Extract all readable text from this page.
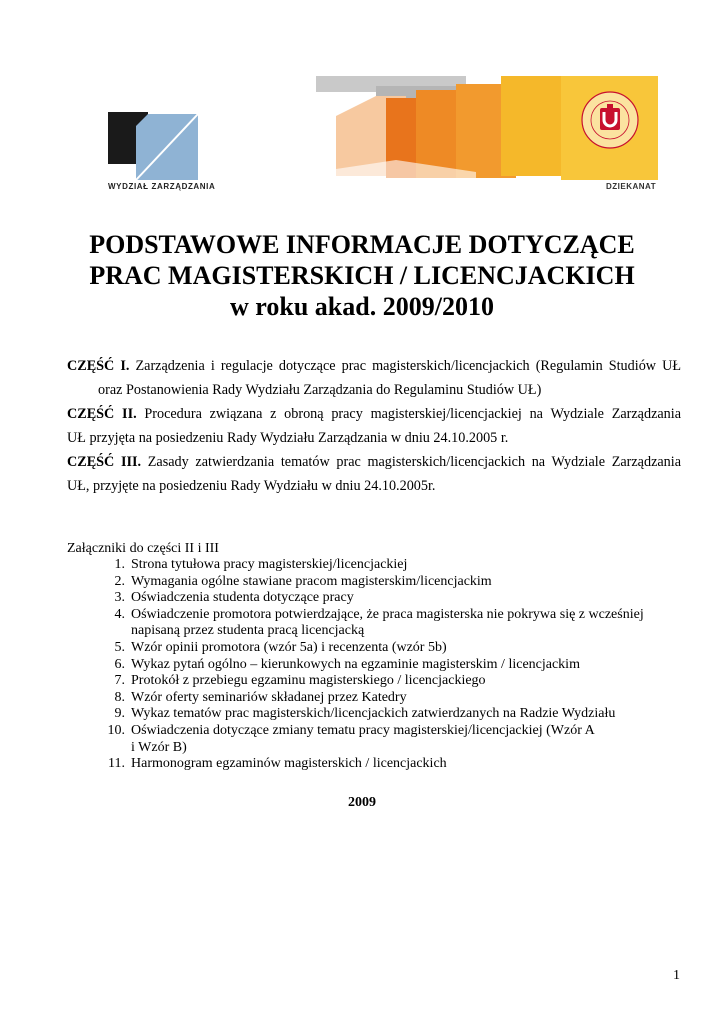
WYDZIAŁ ZARZĄDZANIA	DZIEKANAT
PODSTAWOWE INFORMACJE DOTYCZĄCE
PRAC MAGISTERSKICH / LICENCJACKICH
w roku akad. 2009/2010
CZĘŚĆ I. Zarządzenia i regulacje dotyczące prac magisterskich/licencjackich (Regulamin Studiów UŁ
oraz Postanowienia Rady Wydziału Zarządzania do Regulaminu Studiów UŁ)
CZĘŚĆ II. Procedura związana z obroną pracy magisterskiej/licencjackiej na Wydziale Zarządzania
UŁ przyjęta na posiedzeniu Rady Wydziału Zarządzania w dniu 24.10.2005 r.
CZĘŚĆ III. Zasady zatwierdzania tematów prac magisterskich/licencjackich na Wydziale Zarządzania
UŁ, przyjęte na posiedzeniu Rady Wydziału w dniu 24.10.2005r.
Załączniki do części II i III
1. Strona tytułowa pracy magisterskiej/licencjackiej
2. Wymagania ogólne stawiane pracom magisterskim/licencjackim
3. Oświadczenia studenta dotyczące pracy
4. Oświadczenie promotora potwierdzające, że praca magisterska nie pokrywa się z wcześniej
napisaną przez studenta pracą licencjacką
5. Wzór opinii promotora (wzór 5a) i recenzenta (wzór 5b)
6. Wykaz pytań ogólno – kierunkowych na egzaminie magisterskim / licencjackim
7. Protokół z przebiegu egzaminu magisterskiego / licencjackiego
8. Wzór oferty seminariów składanej przez Katedry
9. Wykaz tematów prac magisterskich/licencjackich zatwierdzanych na Radzie Wydziału
10. Oświadczenia dotyczące zmiany tematu pracy magisterskiej/licencjackiej (Wzór A
i Wzór B)
11. Harmonogram egzaminów magisterskich / licencjackich
2009
1
